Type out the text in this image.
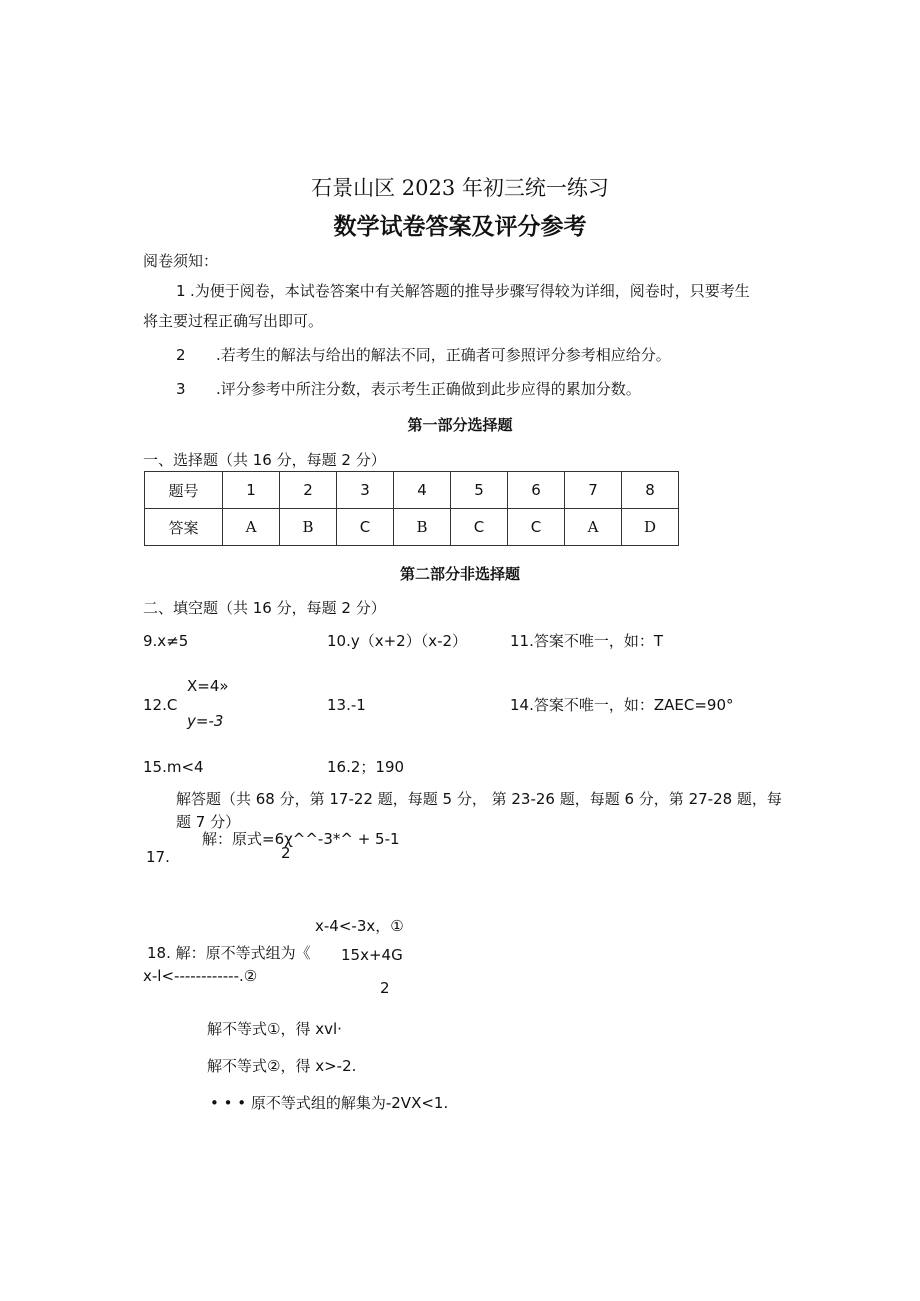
石景山区 2023 年初三统一练习
数学试卷答案及评分参考
阅卷须知：
1 .为便于阅卷，本试卷答案中有关解答题的推导步骤写得较为详细，阅卷时，只要考生
将主要过程正确写出即可。
2 .若考生的解法与给出的解法不同，正确者可参照评分参考相应给分。
3 .评分参考中所注分数，表示考生正确做到此步应得的累加分数。
第一部分选择题
一、选择题（共 16 分，每题 2 分）
题号	1	2	3	4	5	6	7	8
答案	A	B	C	B	C	C	A	D
第二部分非选择题
二、填空题（共 16 分，每题 2 分）
9.x≠5	10.y（x+2）（x-2）	11.答案不唯一，如：T
X=4»
12.C
y=-3
13.-1	14.答案不唯一，如：ZAEC=90°
15.m<4	16.2；190
解答题（共 68 分，第 17-22 题，每题 5 分， 第 23-26 题，每题 6 分，第 27-28 题，每
题 7 分）
解：原式=6χ^^-3*^ + 5-1
2
17.
x-4<-3x，①
18. 解：原不等式组为《 15x+4G
x-l<------------.②
2
解不等式①，得 xvl·
解不等式②，得 x>-2.
• • • 原不等式组的解集为-2VX<1.
